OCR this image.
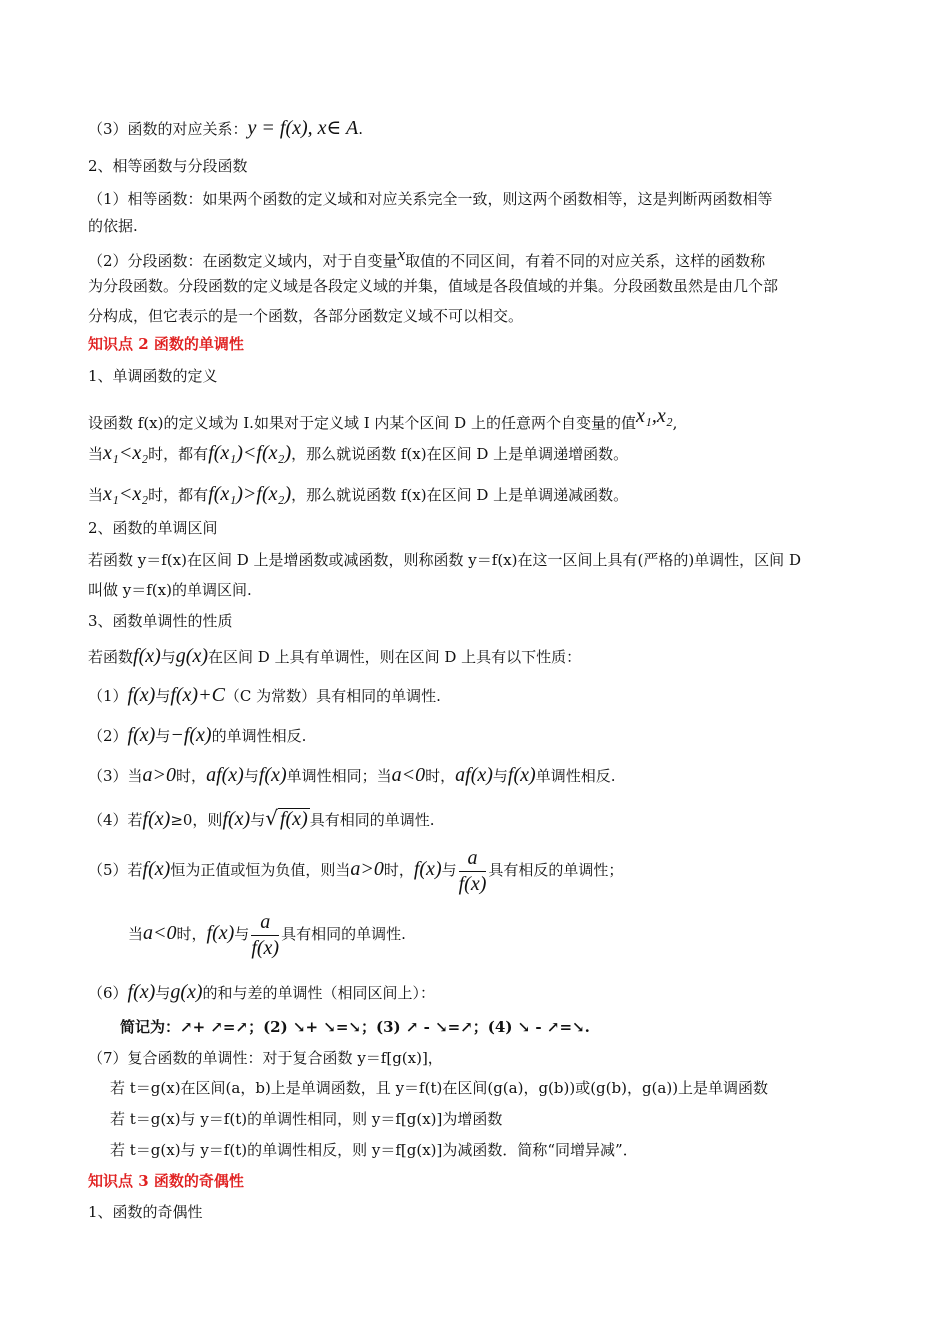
（3）函数的对应关系：y = f(x), x∈ A.
2、相等函数与分段函数
（1）相等函数：如果两个函数的定义域和对应关系完全一致，则这两个函数相等，这是判断两函数相等
的依据.
（2）分段函数：在函数定义域内，对于自变量x取值的不同区间，有着不同的对应关系，这样的函数称
为分段函数。分段函数的定义域是各段定义域的并集，值域是各段值域的并集。分段函数虽然是由几个部
分构成，但它表示的是一个函数，各部分函数定义域不可以相交。
知识点 2 函数的单调性
1、单调函数的定义
设函数 f(x)的定义域为 I.如果对于定义域 I 内某个区间 D 上的任意两个自变量的值x₁,x₂,
当x₁<x₂时，都有f(x₁)<f(x₂)，那么就说函数 f(x)在区间 D 上是单调递增函数。
当x₁<x₂时，都有f(x₁)>f(x₂)，那么就说函数 f(x)在区间 D 上是单调递减函数。
2、函数的单调区间
若函数 y＝f(x)在区间 D 上是增函数或减函数，则称函数 y＝f(x)在这一区间上具有(严格的)单调性，区间 D
叫做 y＝f(x)的单调区间.
3、函数单调性的性质
若函数f(x)与g(x)在区间 D 上具有单调性，则在区间 D 上具有以下性质：
（1）f(x)与f(x)+C（C 为常数）具有相同的单调性.
（2）f(x)与−f(x)的单调性相反.
（3）当a>0时，af(x)与f(x)单调性相同；当a<0时，af(x)与f(x)单调性相反.
（4）若f(x)≥0，则f(x)与√ f(x) 具有相同的单调性.
（5）若f(x)恒为正值或恒为负值，则当a>0时，f(x)与 $\frac{a}{f(x)}$ 具有相反的单调性；
当a<0时，f(x)与 $\frac{a}{f(x)}$ 具有相同的单调性.
（6）f(x)与g(x)的和与差的单调性（相同区间上）：
简记为：↗+ ↗=↗；(2) ↘+ ↘=↘；(3) ↗ - ↘=↗；(4) ↘ - ↗=↘.
（7）复合函数的单调性：对于复合函数 y＝f[g(x)]，
若 t＝g(x)在区间(a，b)上是单调函数，且 y＝f(t)在区间(g(a)，g(b))或(g(b)，g(a))上是单调函数
若 t＝g(x)与 y＝f(t)的单调性相同，则 y＝f[g(x)]为增函数
若 t＝g(x)与 y＝f(t)的单调性相反，则 y＝f[g(x)]为减函数．简称“同增异减”．
知识点 3 函数的奇偶性
1、函数的奇偶性
